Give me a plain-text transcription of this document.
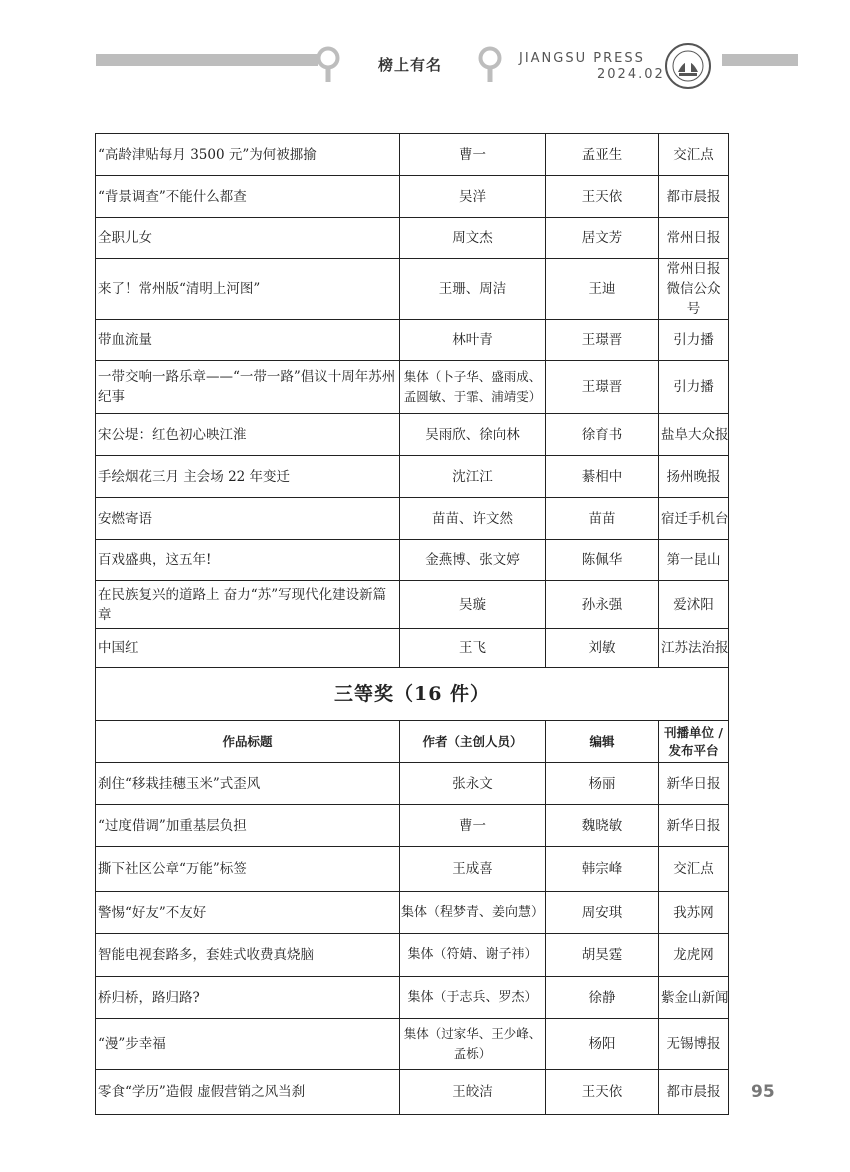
榜上有名	JIANGSU PRESS
2024.02
“高龄津贴每月 3500 元”为何被挪揄	曹一	孟亚生	交汇点
“背景调查”不能什么都查	吴洋	王天依	都市晨报
全职儿女	周文杰	居文芳	常州日报
来了！常州版“清明上河图”	王珊、周洁	王迪	常州日报微信公众号
带血流量	林叶青	王璟晋	引力播
一带交响一路乐章——“一带一路”倡议十周年苏州纪事	集体（卜子华、盛雨成、孟圆敏、于霏、浦靖雯）	王璟晋	引力播
宋公堤：红色初心映江淮	吴雨欣、徐向林	徐育书	盐阜大众报
手绘烟花三月 主会场 22 年变迁	沈江江	綦相中	扬州晚报
安燃寄语	苗苗、许文然	苗苗	宿迁手机台
百戏盛典，这五年!	金燕博、张文婷	陈佩华	第一昆山
在民族复兴的道路上 奋力“苏”写现代化建设新篇章	吴璇	孙永强	爱沭阳
中国红	王飞	刘敏	江苏法治报
三等奖（16 件）			
作品标题	作者（主创人员）	编辑	刊播单位 / 发布平台
刹住“移栽挂穗玉米”式歪风	张永文	杨丽	新华日报
“过度借调”加重基层负担	曹一	魏晓敏	新华日报
撕下社区公章“万能”标签	王成喜	韩宗峰	交汇点
警惕“好友”不友好	集体（程梦青、姜向慧）	周安琪	我苏网
智能电视套路多，套娃式收费真烧脑	集体（符婧、谢子祎）	胡昊霆	龙虎网
桥归桥，路归路?	集体（于志兵、罗杰）	徐静	紫金山新闻
“漫”步幸福	集体（过家华、王少峰、孟栎）	杨阳	无锡博报
零食“学历”造假 虚假营销之风当刹	王皎洁	王天依	都市晨报 95
